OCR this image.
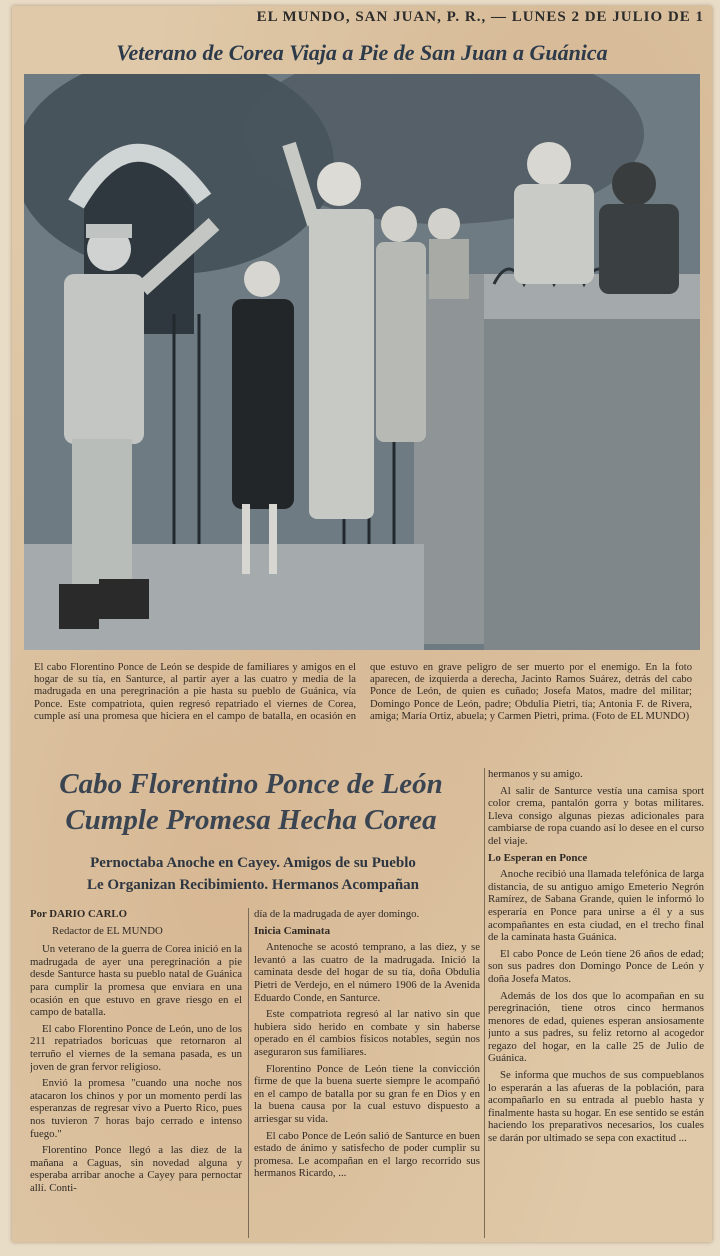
EL MUNDO, SAN JUAN, P. R., — LUNES 2 DE JULIO DE 1
Veterano de Corea Viaja a Pie de San Juan a Guánica
El cabo Florentino Ponce de León se despide de familiares y amigos en el hogar de su tía, en Santurce, al partir ayer a las cuatro y media de la madrugada en una peregrinación a pie hasta su pueblo de Guánica, vía Ponce. Este compatriota, quien regresó repatriado el viernes de Corea, cumple así una promesa que hiciera en el campo de batalla, en ocasión en que estuvo en grave peligro de ser muerto por el enemigo. En la foto aparecen, de izquierda a derecha, Jacinto Ramos Suárez, detrás del cabo Ponce de León, de quien es cuñado; Josefa Matos, madre del militar; Domingo Ponce de León, padre; Obdulia Pietri, tía; Antonia F. de Rivera, amiga; María Ortiz, abuela; y Carmen Pietri, prima. (Foto de EL MUNDO)
Cabo Florentino Ponce de León
Cumple Promesa Hecha Corea
Pernoctaba Anoche en Cayey. Amigos de su Pueblo
Le Organizan Recibimiento. Hermanos Acompañan

Por DARIO CARLO

Redactor de EL MUNDO

Un veterano de la guerra de Corea inició en la madrugada de ayer una peregrinación a pie desde Santurce hasta su pueblo natal de Guánica para cumplir la promesa que enviara en una ocasión en que estuvo en grave riesgo en el campo de batalla.

El cabo Florentino Ponce de León, uno de los 211 repatriados boricuas que retornaron al terruño el viernes de la semana pasada, es un joven de gran fervor religioso.

Envió la promesa "cuando una noche nos atacaron los chinos y por un momento perdí las esperanzas de regresar vivo a Puerto Rico, pues nos tuvieron 7 horas bajo cerrado e intenso fuego."

Florentino Ponce llegó a las diez de la mañana a Caguas, sin novedad alguna y esperaba arribar anoche a Cayey para pernoctar allí. Conti-

día de la madrugada de ayer domingo.

Inicia Caminata

Antenoche se acostó temprano, a las diez, y se levantó a las cuatro de la madrugada. Inició la caminata desde del hogar de su tía, doña Obdulia Pietri de Verdejo, en el número 1906 de la Avenida Eduardo Conde, en Santurce.

Este compatriota regresó al lar nativo sin que hubiera sido herido en combate y sin haberse operado en él cambios físicos notables, según nos aseguraron sus familiares.

Florentino Ponce de León tiene la convicción firme de que la buena suerte siempre le acompañó en el campo de batalla por su gran fe en Dios y en la buena causa por la cual estuvo dispuesto a arriesgar su vida.

El cabo Ponce de León salió de Santurce en buen estado de ánimo y satisfecho de poder cumplir su promesa. Le acompañan en el largo recorrido sus hermanos Ricardo, ...

hermanos y su amigo.

Al salir de Santurce vestía una camisa sport color crema, pantalón gorra y botas militares. Lleva consigo algunas piezas adicionales para cambiarse de ropa cuando así lo desee en el curso del viaje.

Lo Esperan en Ponce

Anoche recibió una llamada telefónica de larga distancia, de su antiguo amigo Emeterio Negrón Ramírez, de Sabana Grande, quien le informó lo esperaría en Ponce para unirse a él y a sus acompañantes en esta ciudad, en el trecho final de la caminata hasta Guánica.

El cabo Ponce de León tiene 26 años de edad; son sus padres don Domingo Ponce de León y doña Josefa Matos.

Además de los dos que lo acompañan en su peregrinación, tiene otros cinco hermanos menores de edad, quienes esperan ansiosamente junto a sus padres, su feliz retorno al acogedor regazo del hogar, en la calle 25 de Julio de Guánica.

Se informa que muchos de sus compueblanos lo esperarán a las afueras de la población, para acompañarlo en su entrada al pueblo hasta y finalmente hasta su hogar. En ese sentido se están haciendo los preparativos necesarios, los cuales se darán por ultimado se sepa con exactitud ...
